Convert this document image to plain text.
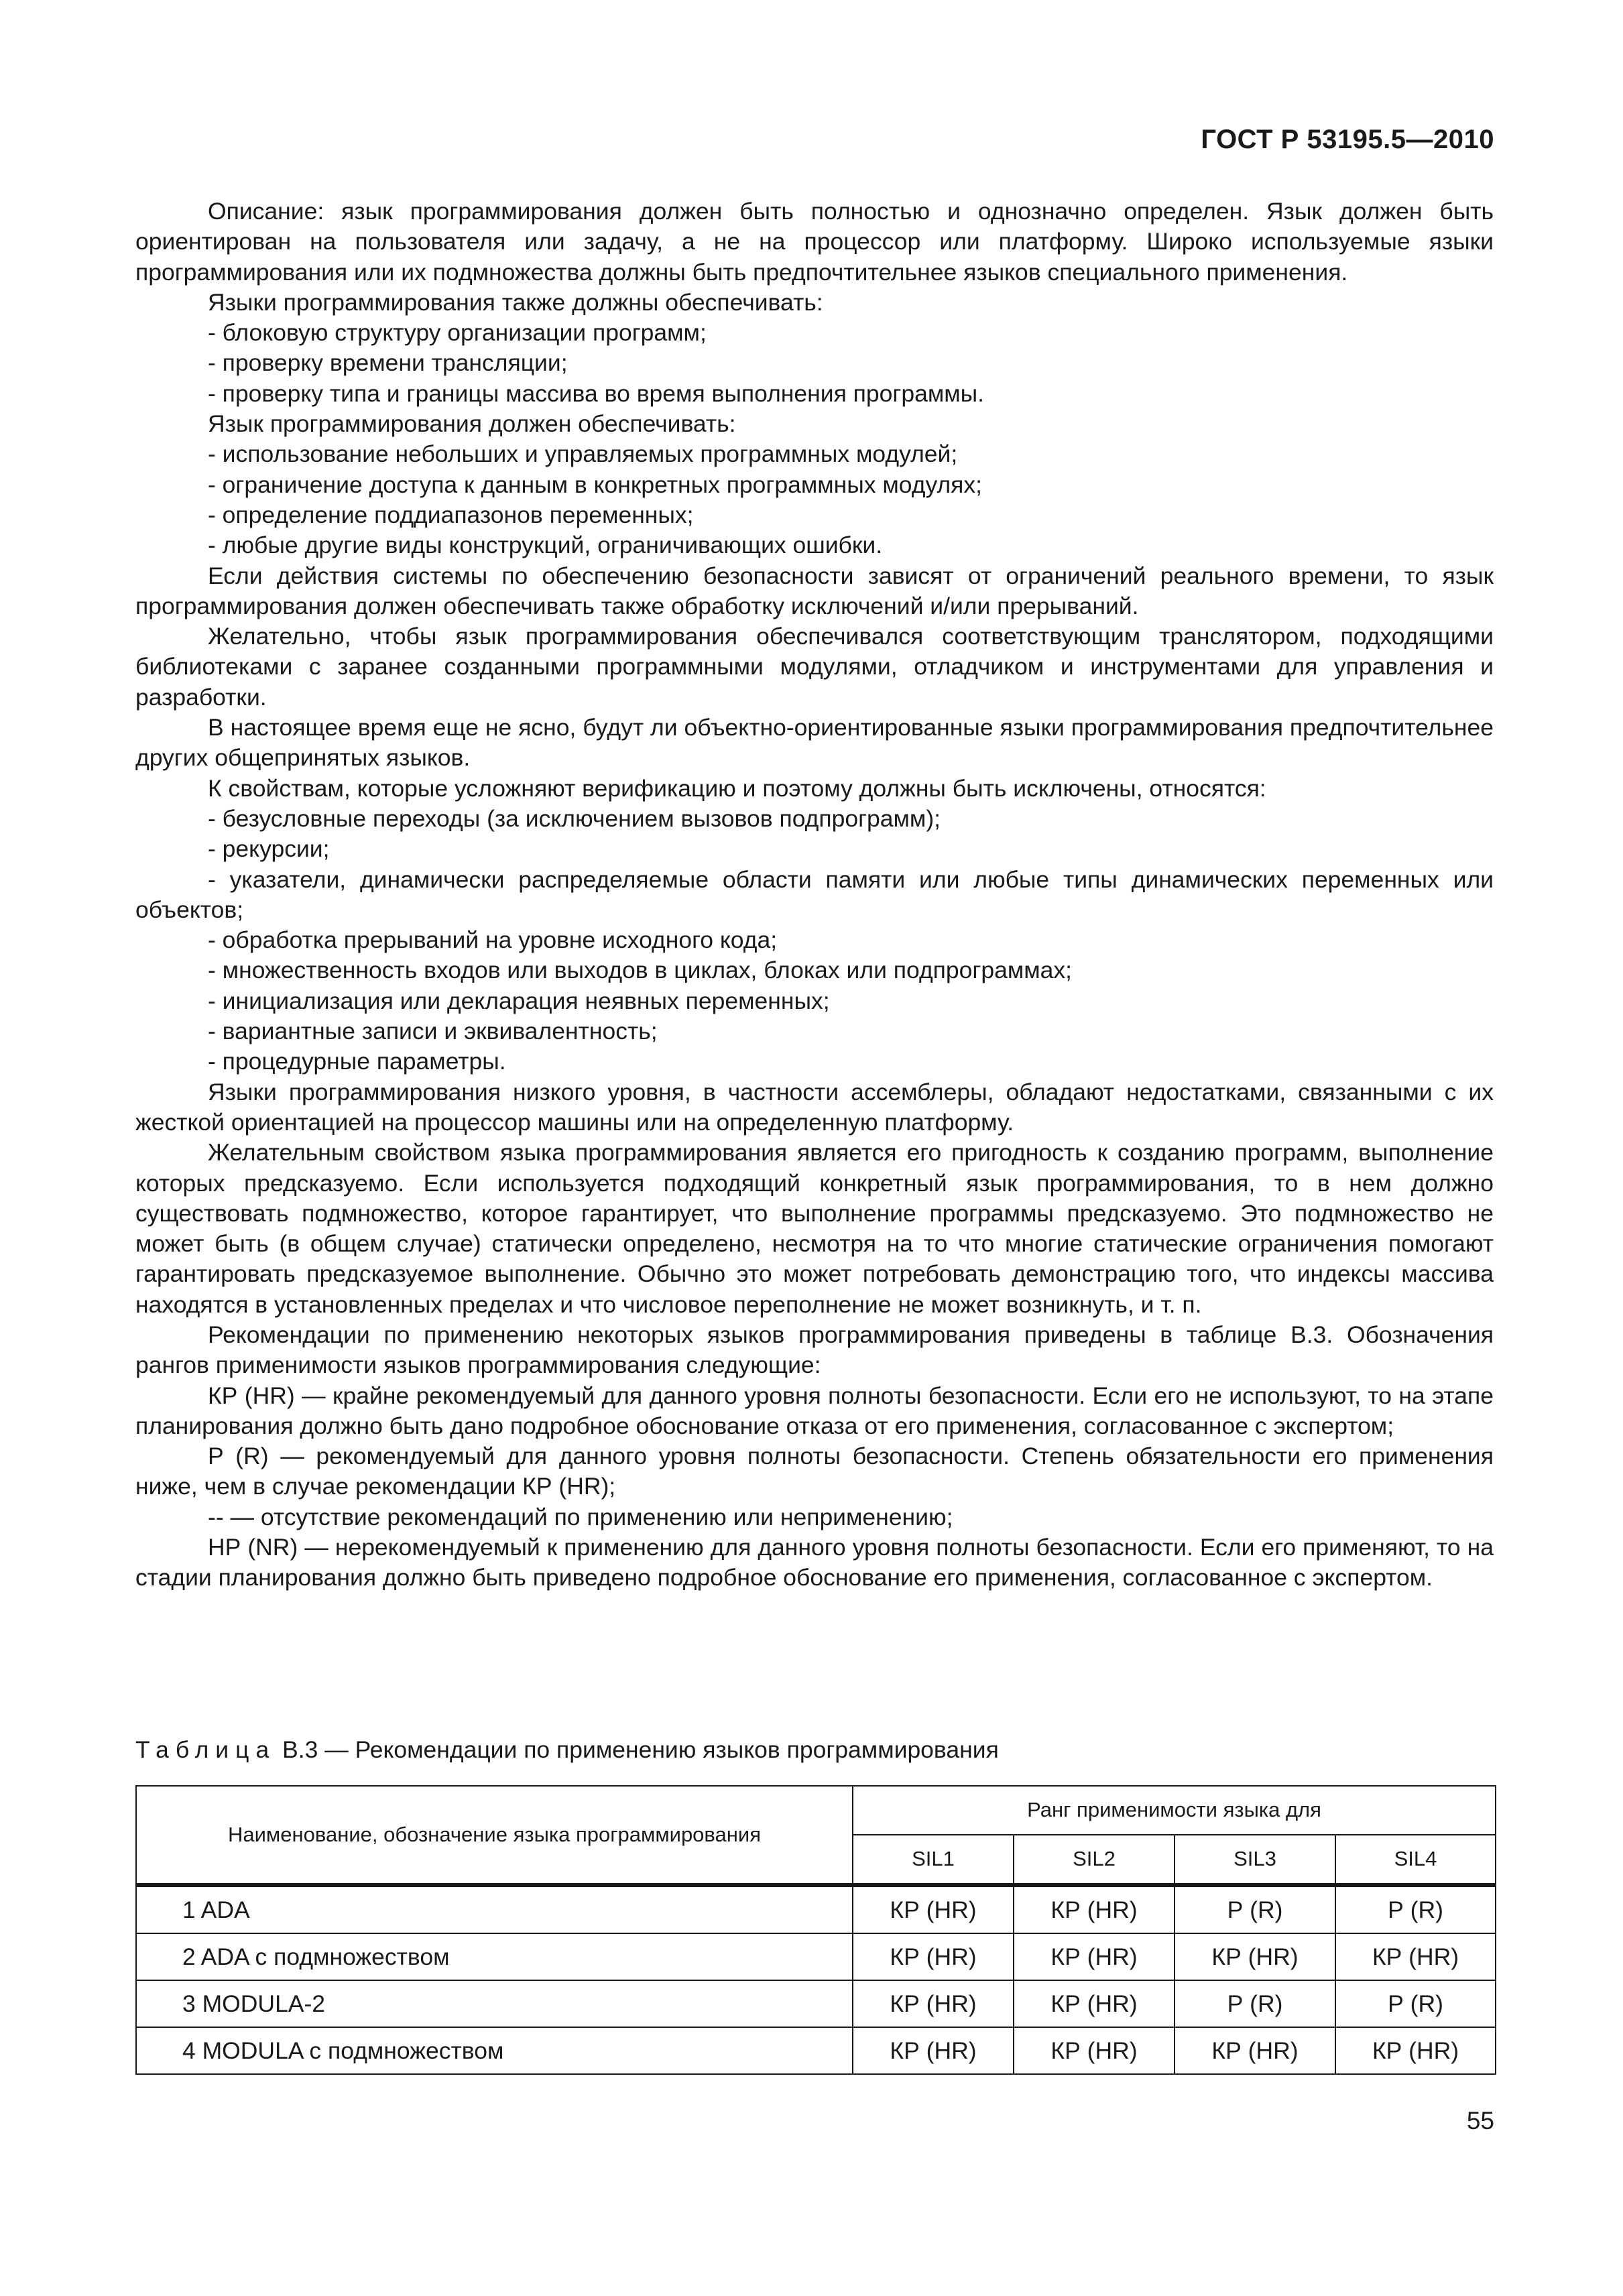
ГОСТ Р 53195.5—2010

Описание: язык программирования должен быть полностью и однозначно определен. Язык должен быть ориентирован на пользователя или задачу, а не на процессор или платформу. Широко используемые языки программирования или их подмножества должны быть предпочтительнее языков специального применения.

Языки программирования также должны обеспечивать:

- блоковую структуру организации программ;

- проверку времени трансляции;

- проверку типа и границы массива во время выполнения программы.

Язык программирования должен обеспечивать:

- использование небольших и управляемых программных модулей;

- ограничение доступа к данным в конкретных программных модулях;

- определение поддиапазонов переменных;

- любые другие виды конструкций, ограничивающих ошибки.

Если действия системы по обеспечению безопасности зависят от ограничений реального времени, то язык программирования должен обеспечивать также обработку исключений и/или прерываний.

Желательно, чтобы язык программирования обеспечивался соответствующим транслятором, подходящими библиотеками с заранее созданными программными модулями, отладчиком и инструментами для управления и разработки.

В настоящее время еще не ясно, будут ли объектно-ориентированные языки программирования предпочтительнее других общепринятых языков.

К свойствам, которые усложняют верификацию и поэтому должны быть исключены, относятся:

- безусловные переходы (за исключением вызовов подпрограмм);

- рекурсии;

- указатели, динамически распределяемые области памяти или любые типы динамических переменных или объектов;

- обработка прерываний на уровне исходного кода;

- множественность входов или выходов в циклах, блоках или подпрограммах;

- инициализация или декларация неявных переменных;

- вариантные записи и эквивалентность;

- процедурные параметры.

Языки программирования низкого уровня, в частности ассемблеры, обладают недостатками, связанными с их жесткой ориентацией на процессор машины или на определенную платформу.

Желательным свойством языка программирования является его пригодность к созданию программ, выполнение которых предсказуемо. Если используется подходящий конкретный язык программирования, то в нем должно существовать подмножество, которое гарантирует, что выполнение программы предсказуемо. Это подмножество не может быть (в общем случае) статически определено, несмотря на то что многие статические ограничения помогают гарантировать предсказуемое выполнение. Обычно это может потребовать демонстрацию того, что индексы массива находятся в установленных пределах и что числовое переполнение не может возникнуть, и т. п.

Рекомендации по применению некоторых языков программирования приведены в таблице В.3. Обозначения рангов применимости языков программирования следующие:

КР (HR) — крайне рекомендуемый для данного уровня полноты безопасности. Если его не используют, то на этапе планирования должно быть дано подробное обоснование отказа от его применения, согласованное с экспертом;

Р (R) — рекомендуемый для данного уровня полноты безопасности. Степень обязательности его применения ниже, чем в случае рекомендации КР (HR);

-- — отсутствие рекомендаций по применению или неприменению;

НР (NR) — нерекомендуемый к применению для данного уровня полноты безопасности. Если его применяют, то на стадии планирования должно быть приведено подробное обоснование его применения, согласованное с экспертом.

Таблица В.3 — Рекомендации по применению языков программирования
Наименование, обозначение языка программирования	Ранг применимости языка для			
	SIL1	SIL2	SIL3	SIL4
1 ADA	КР (HR)	КР (HR)	Р (R)	Р (R)
2 ADA с подмножеством	КР (HR)	КР (HR)	КР (HR)	КР (HR)
3 MODULA-2	КР (HR)	КР (HR)	Р (R)	Р (R)
4 MODULA с подмножеством	КР (HR)	КР (HR)	КР (HR)	КР (HR)
55
